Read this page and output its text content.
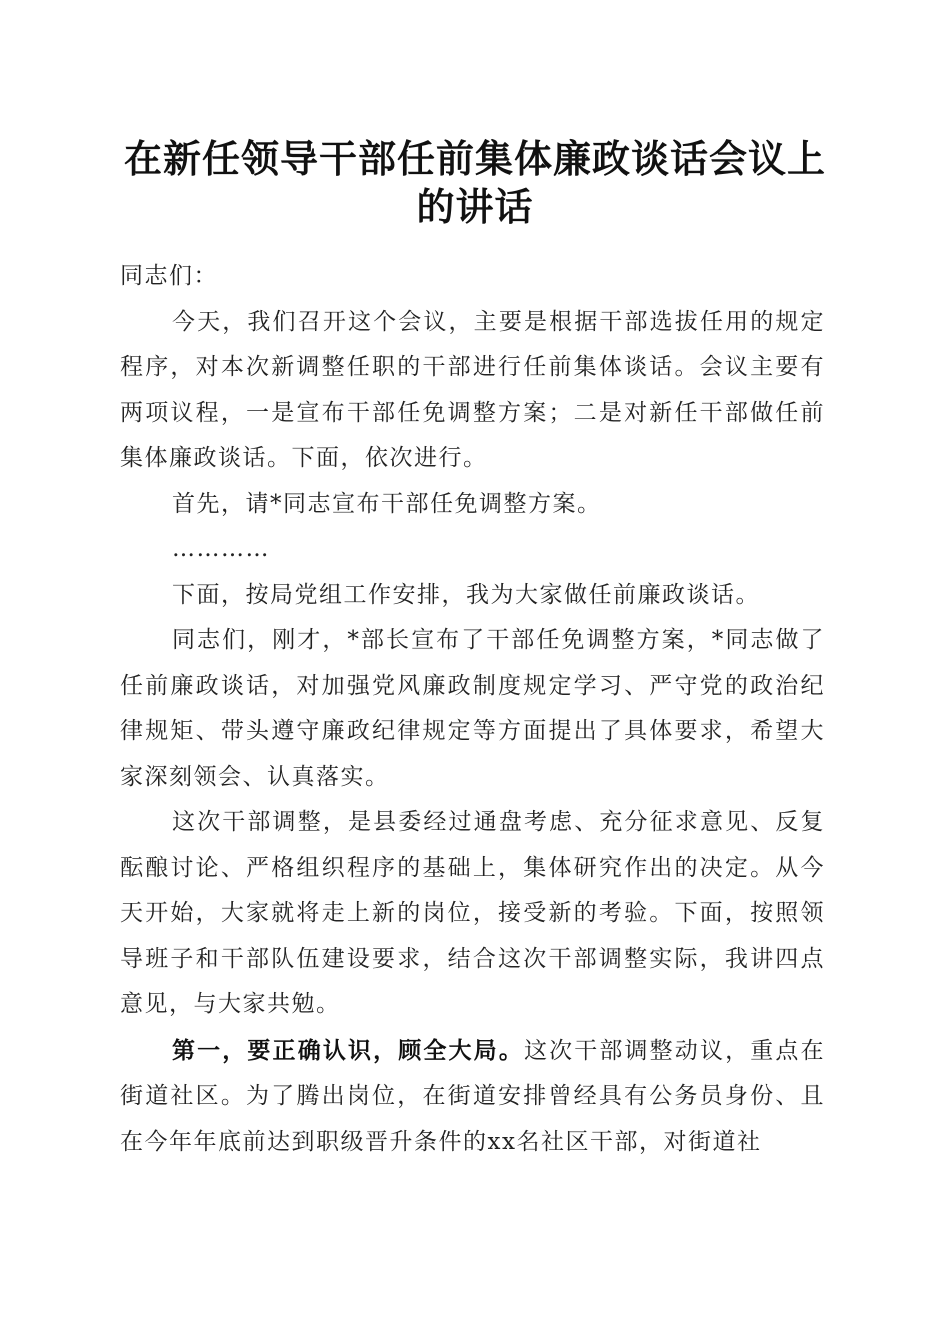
在新任领导干部任前集体廉政谈话会议上的讲话

同志们：

今天，我们召开这个会议，主要是根据干部选拔任用的规定程序，对本次新调整任职的干部进行任前集体谈话。会议主要有两项议程，一是宣布干部任免调整方案；二是对新任干部做任前集体廉政谈话。下面，依次进行。

首先，请*同志宣布干部任免调整方案。

…………

下面，按局党组工作安排，我为大家做任前廉政谈话。

同志们，刚才，*部长宣布了干部任免调整方案，*同志做了任前廉政谈话，对加强党风廉政制度规定学习、严守党的政治纪律规矩、带头遵守廉政纪律规定等方面提出了具体要求，希望大家深刻领会、认真落实。

这次干部调整，是县委经过通盘考虑、充分征求意见、反复酝酿讨论、严格组织程序的基础上，集体研究作出的决定。从今天开始，大家就将走上新的岗位，接受新的考验。下面，按照领导班子和干部队伍建设要求，结合这次干部调整实际，我讲四点意见，与大家共勉。

第一，要正确认识，顾全大局。这次干部调整动议，重点在街道社区。为了腾出岗位，在街道安排曾经具有公务员身份、且在今年年底前达到职级晋升条件的xx名社区干部，对街道社
